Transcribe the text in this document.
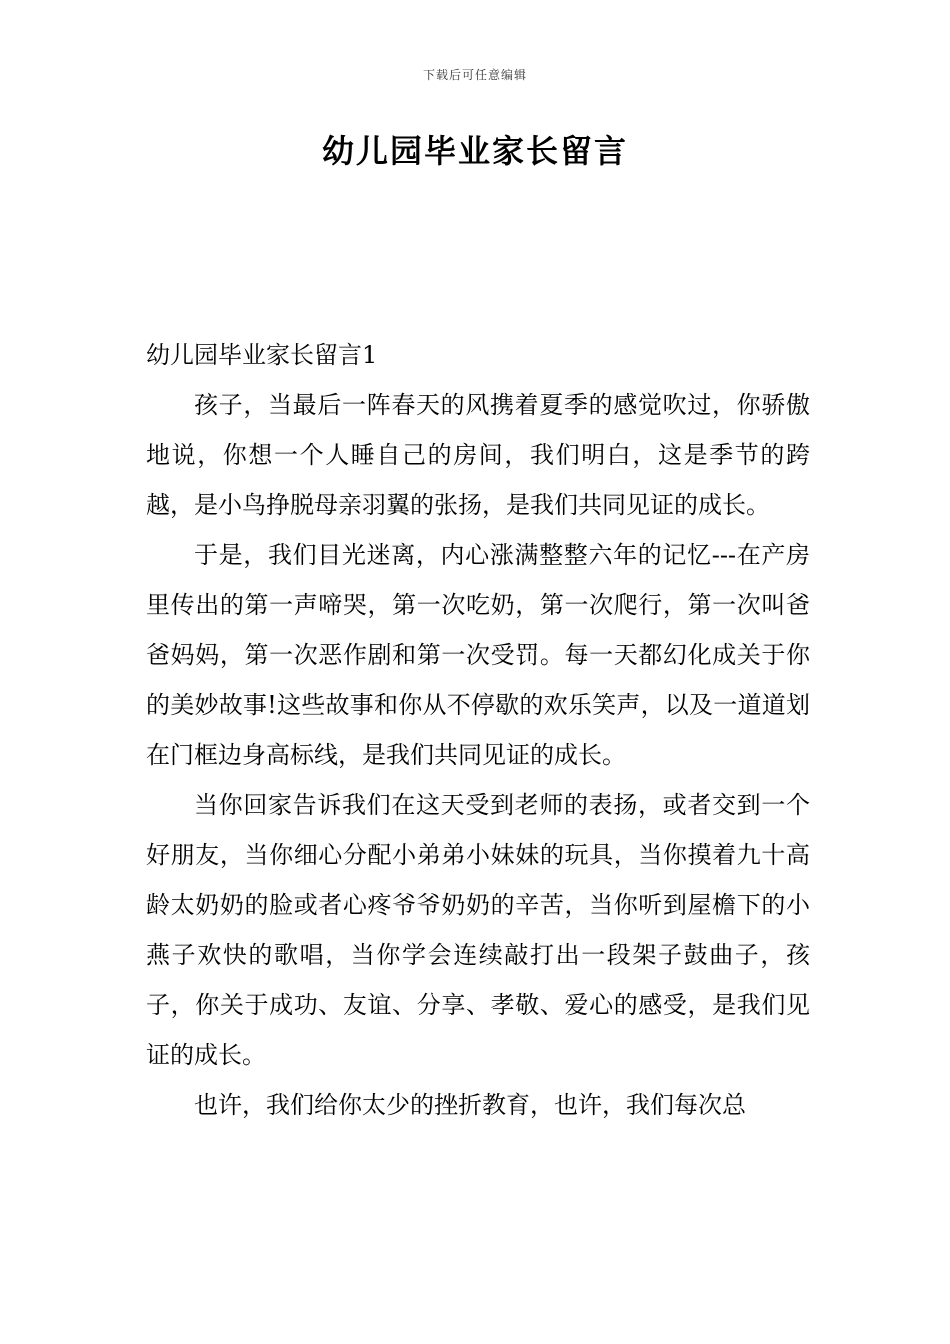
下载后可任意编辑
幼儿园毕业家长留言

幼儿园毕业家长留言1

孩子，当最后一阵春天的风携着夏季的感觉吹过，你骄傲地说，你想一个人睡自己的房间，我们明白，这是季节的跨越，是小鸟挣脱母亲羽翼的张扬，是我们共同见证的成长。

于是，我们目光迷离，内心涨满整整六年的记忆---在产房里传出的第一声啼哭，第一次吃奶，第一次爬行，第一次叫爸爸妈妈，第一次恶作剧和第一次受罚。每一天都幻化成关于你的美妙故事!这些故事和你从不停歇的欢乐笑声，以及一道道划在门框边身高标线，是我们共同见证的成长。

当你回家告诉我们在这天受到老师的表扬，或者交到一个好朋友，当你细心分配小弟弟小妹妹的玩具，当你摸着九十高龄太奶奶的脸或者心疼爷爷奶奶的辛苦，当你听到屋檐下的小燕子欢快的歌唱，当你学会连续敲打出一段架子鼓曲子，孩子，你关于成功、友谊、分享、孝敬、爱心的感受，是我们见证的成长。

也许，我们给你太少的挫折教育，也许，我们每次总
